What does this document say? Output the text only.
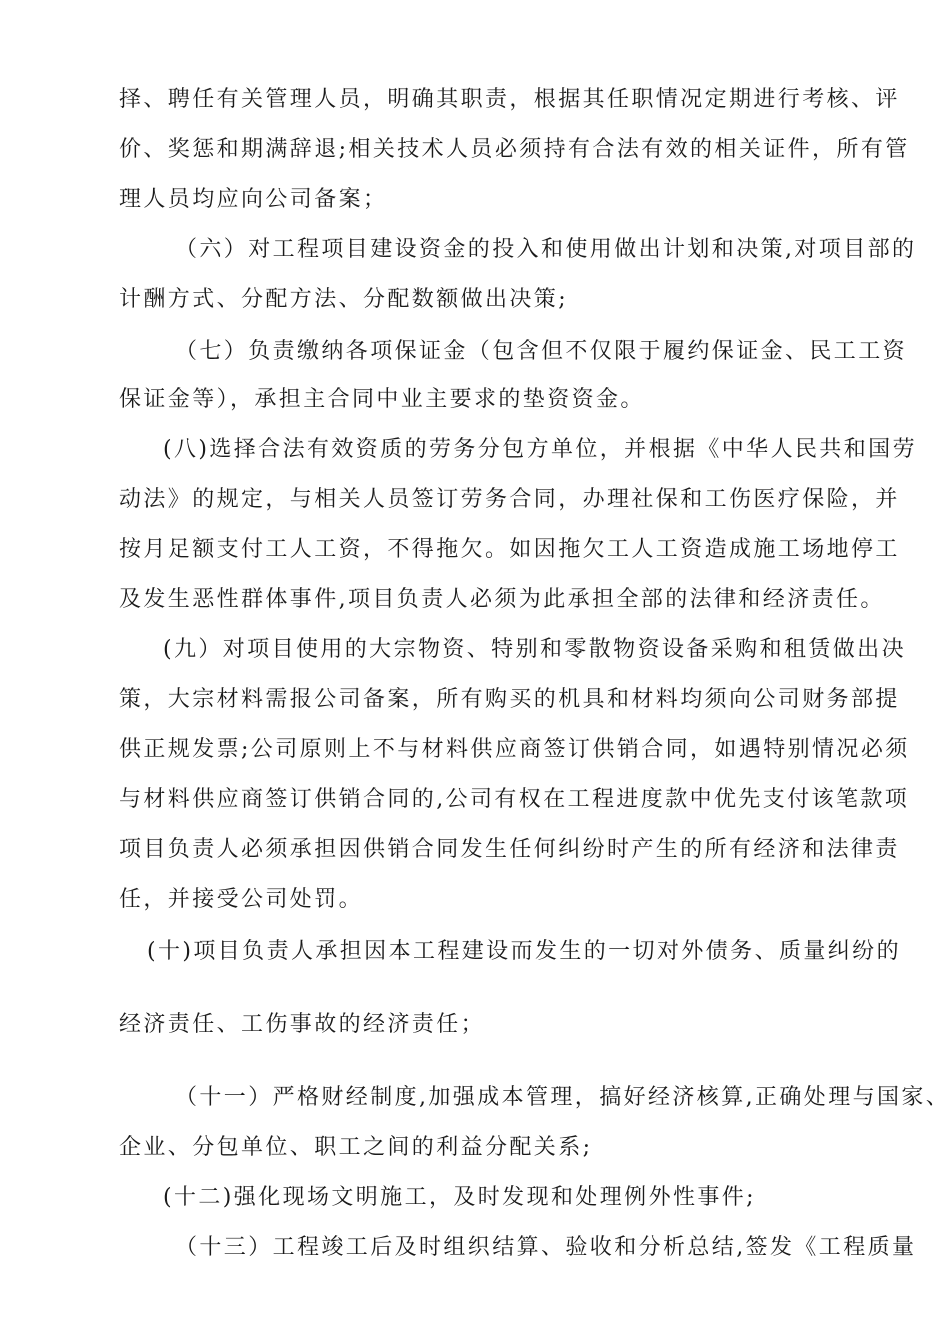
择、聘任有关管理人员，明确其职责，根据其任职情况定期进行考核、评
价、奖惩和期满辞退;相关技术人员必须持有合法有效的相关证件，所有管
理人员均应向公司备案；
（六）对工程项目建设资金的投入和使用做出计划和决策,对项目部的
计酬方式、分配方法、分配数额做出决策;
（七）负责缴纳各项保证金（包含但不仅限于履约保证金、民工工资
保证金等），承担主合同中业主要求的垫资资金。
(八)选择合法有效资质的劳务分包方单位，并根据《中华人民共和国劳
动法》的规定，与相关人员签订劳务合同，办理社保和工伤医疗保险，并
按月足额支付工人工资，不得拖欠。如因拖欠工人工资造成施工场地停工
及发生恶性群体事件,项目负责人必须为此承担全部的法律和经济责任。
(九）对项目使用的大宗物资、特别和零散物资设备采购和租赁做出决
策，大宗材料需报公司备案，所有购买的机具和材料均须向公司财务部提
供正规发票;公司原则上不与材料供应商签订供销合同，如遇特别情况必须
与材料供应商签订供销合同的,公司有权在工程进度款中优先支付该笔款项
项目负责人必须承担因供销合同发生任何纠纷时产生的所有经济和法律责
任，并接受公司处罚。
(十)项目负责人承担因本工程建设而发生的一切对外债务、质量纠纷的
经济责任、工伤事故的经济责任；
（十一）严格财经制度,加强成本管理，搞好经济核算,正确处理与国家、
企业、分包单位、职工之间的利益分配关系;
(十二)强化现场文明施工，及时发现和处理例外性事件;
（十三）工程竣工后及时组织结算、验收和分析总结,签发《工程质量
